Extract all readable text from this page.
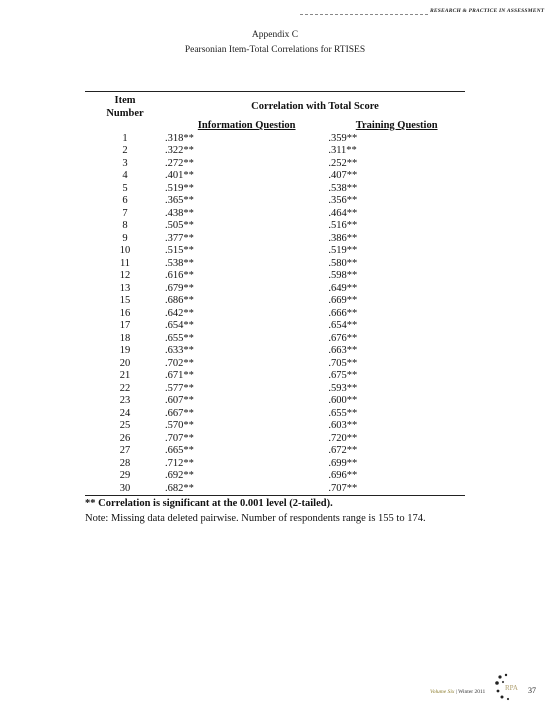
RESEARCH & PRACTICE IN ASSESSMENT
Appendix C
Pearsonian Item-Total Correlations for RTISES
Item
Number	Correlation with Total Score	
	Information Question	Training Question
1	.318**	.359**
2	.322**	.311**
3	.272**	.252**
4	.401**	.407**
5	.519**	.538**
6	.365**	.356**
7	.438**	.464**
8	.505**	.516**
9	.377**	.386**
10	.515**	.519**
11	.538**	.580**
12	.616**	.598**
13	.679**	.649**
15	.686**	.669**
16	.642**	.666**
17	.654**	.654**
18	.655**	.676**
19	.633**	.663**
20	.702**	.705**
21	.671**	.675**
22	.577**	.593**
23	.607**	.600**
24	.667**	.655**
25	.570**	.603**
26	.707**	.720**
27	.665**	.672**
28	.712**	.699**
29	.692**	.696**
30	.682**	.707**
** Correlation is significant at the 0.001 level (2-tailed).
Note: Missing data deleted pairwise. Number of respondents range is 155 to 174.
Volume Six | Winter 2011	RPA 37
